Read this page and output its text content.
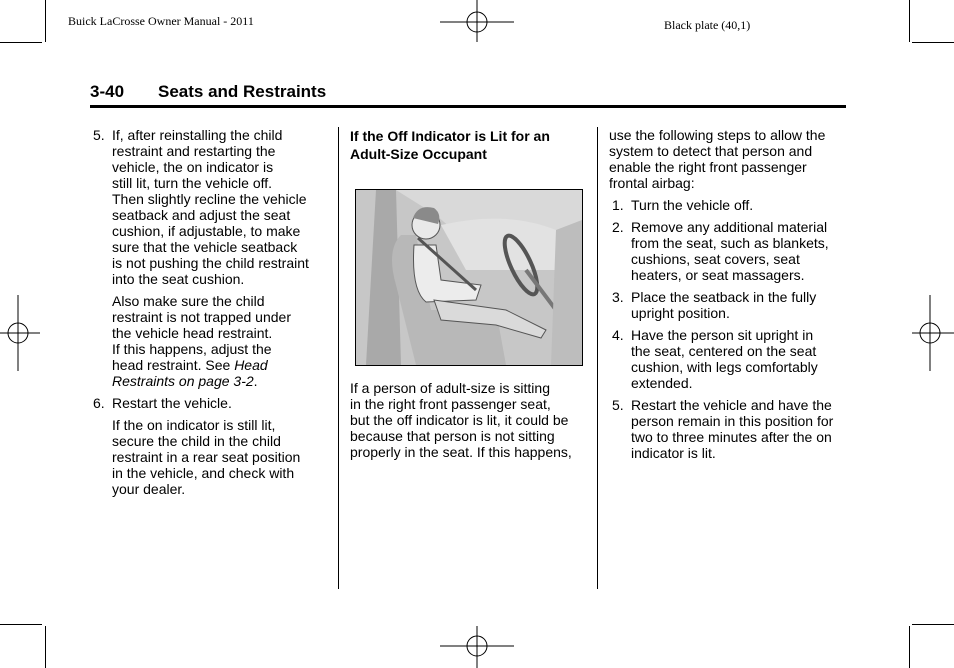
Buick LaCrosse Owner Manual - 2011	Black plate (40,1)
3-40 Seats and Restraints
5. If, after reinstalling the child
restraint and restarting the
vehicle, the on indicator is
still lit, turn the vehicle off.
Then slightly recline the vehicle
seatback and adjust the seat
cushion, if adjustable, to make
sure that the vehicle seatback
is not pushing the child restraint
into the seat cushion.
Also make sure the child
restraint is not trapped under
the vehicle head restraint.
If this happens, adjust the
head restraint. See Head
Restraints on page 3-2.
6. Restart the vehicle.
If the on indicator is still lit,
secure the child in the child
restraint in a rear seat position
in the vehicle, and check with
your dealer.
If the Off Indicator is Lit for an
Adult-Size Occupant
If a person of adult-size is sitting
in the right front passenger seat,
but the off indicator is lit, it could be
because that person is not sitting
properly in the seat. If this happens,

use the following steps to allow the
system to detect that person and
enable the right front passenger
frontal airbag:

1. Turn the vehicle off.
2. Remove any additional material
from the seat, such as blankets,
cushions, seat covers, seat
heaters, or seat massagers.
3. Place the seatback in the fully
upright position.
4. Have the person sit upright in
the seat, centered on the seat
cushion, with legs comfortably
extended.
5. Restart the vehicle and have the
person remain in this position for
two to three minutes after the on
indicator is lit.
